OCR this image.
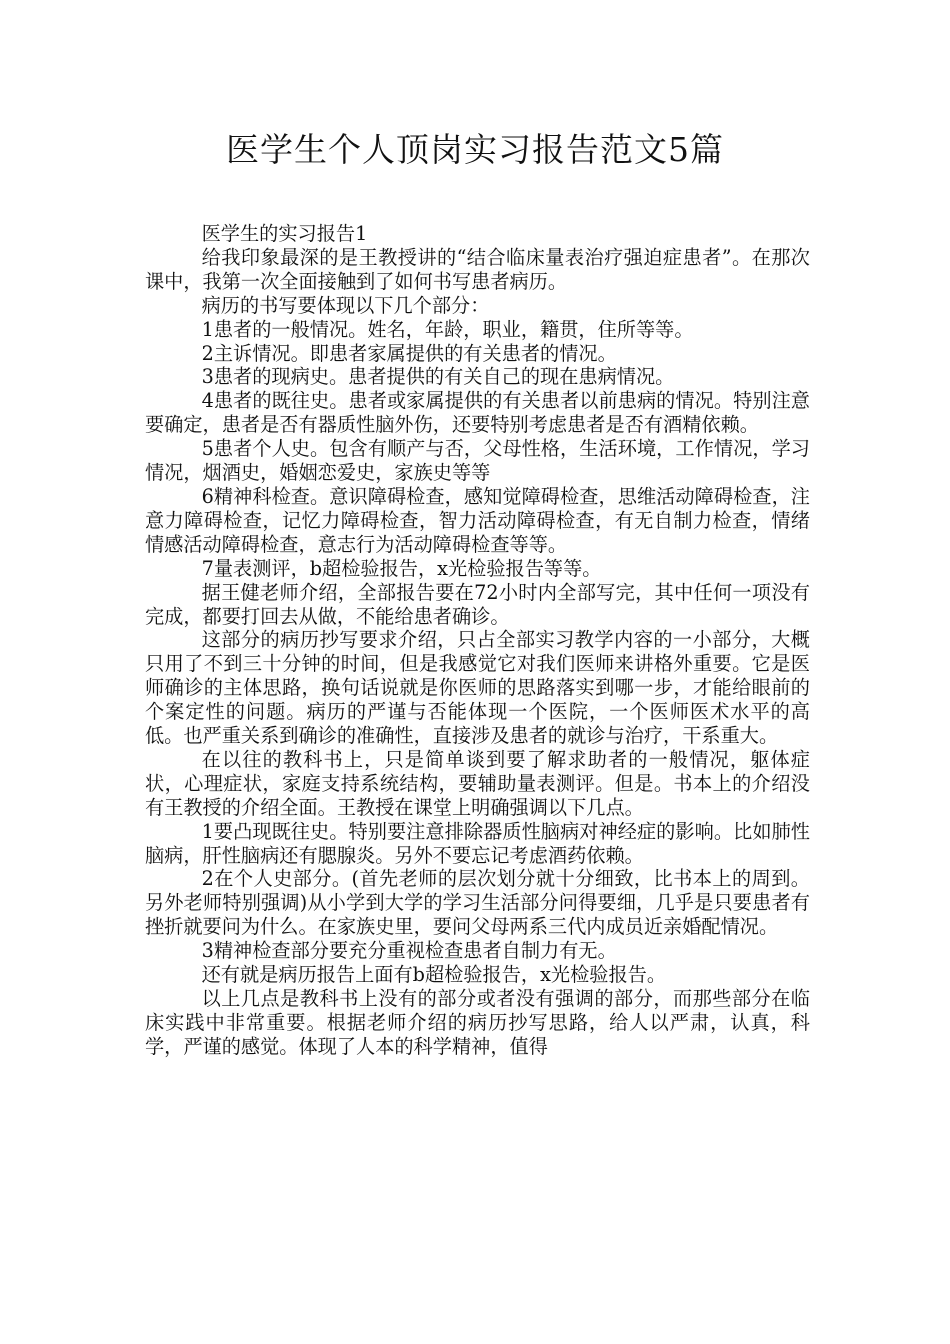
医学生个人顶岗实习报告范文5篇

医学生的实习报告1

给我印象最深的是王教授讲的“结合临床量表治疗强迫症患者”。在那次课中，我第一次全面接触到了如何书写患者病历。

病历的书写要体现以下几个部分：

1患者的一般情况。姓名，年龄，职业，籍贯，住所等等。

2主诉情况。即患者家属提供的有关患者的情况。

3患者的现病史。患者提供的有关自己的现在患病情况。

4患者的既往史。患者或家属提供的有关患者以前患病的情况。特别注意要确定，患者是否有器质性脑外伤，还要特别考虑患者是否有酒精依赖。

5患者个人史。包含有顺产与否，父母性格，生活环境，工作情况，学习情况，烟酒史，婚姻恋爱史，家族史等等

6精神科检查。意识障碍检查，感知觉障碍检查，思维活动障碍检查，注意力障碍检查，记忆力障碍检查，智力活动障碍检查，有无自制力检查，情绪情感活动障碍检查，意志行为活动障碍检查等等。

7量表测评，b超检验报告，x光检验报告等等。

据王健老师介绍，全部报告要在72小时内全部写完，其中任何一项没有完成，都要打回去从做，不能给患者确诊。

这部分的病历抄写要求介绍，只占全部实习教学内容的一小部分，大概只用了不到三十分钟的时间，但是我感觉它对我们医师来讲格外重要。它是医师确诊的主体思路，换句话说就是你医师的思路落实到哪一步，才能给眼前的个案定性的问题。病历的严谨与否能体现一个医院，一个医师医术水平的高低。也严重关系到确诊的准确性，直接涉及患者的就诊与治疗，干系重大。

在以往的教科书上，只是简单谈到要了解求助者的一般情况，躯体症状，心理症状，家庭支持系统结构，要辅助量表测评。但是。书本上的介绍没有王教授的介绍全面。王教授在课堂上明确强调以下几点。

1要凸现既往史。特别要注意排除器质性脑病对神经症的影响。比如肺性脑病，肝性脑病还有腮腺炎。另外不要忘记考虑酒药依赖。

2在个人史部分。(首先老师的层次划分就十分细致，比书本上的周到。另外老师特别强调)从小学到大学的学习生活部分问得要细，几乎是只要患者有挫折就要问为什么。在家族史里，要问父母两系三代内成员近亲婚配情况。

3精神检查部分要充分重视检查患者自制力有无。

还有就是病历报告上面有b超检验报告，x光检验报告。

以上几点是教科书上没有的部分或者没有强调的部分，而那些部分在临床实践中非常重要。根据老师介绍的病历抄写思路，给人以严肃，认真，科学，严谨的感觉。体现了人本的科学精神，值得
